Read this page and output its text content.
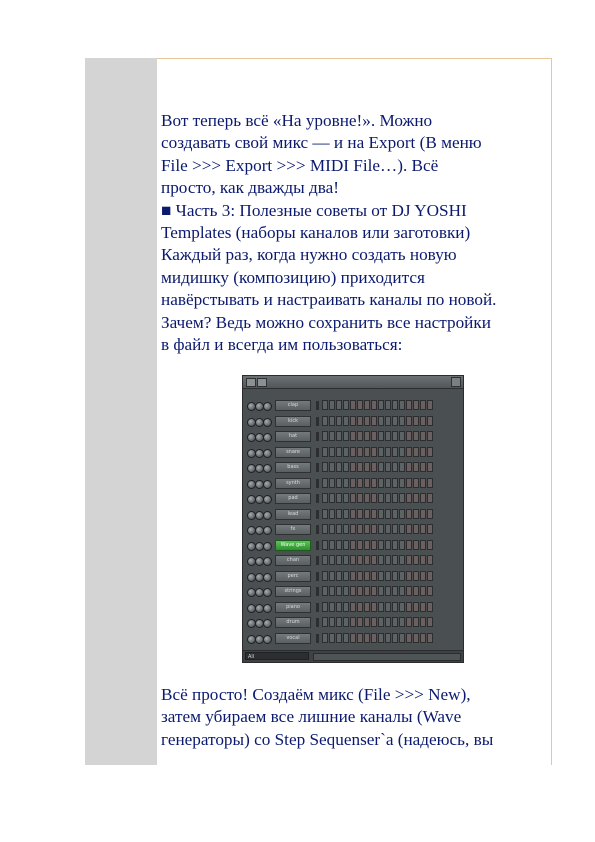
Вот теперь всё «На уровне!». Можно
создавать свой микс — и на Export (В меню
File >>> Export >>> MIDI File…). Всё
просто, как дважды два!
■ Часть 3: Полезные советы от DJ YOSHI
Templates (наборы каналов или заготовки)
Каждый раз, когда нужно создать новую
мидишку (композицию) приходится
навёрстывать и настраивать каналы по новой.
Зачем? Ведь можно сохранить все настройки
в файл и всегда им пользоваться:
clap
kick
hat
snare
bass
synth
pad
lead
fx
Wave gen
chan
perc
strings
piano
drum
vocal
All
Всё просто! Создаём микс (File >>> New),
затем убираем все лишние каналы (Wave
генераторы) со Step Sequenser`a (надеюсь, вы
